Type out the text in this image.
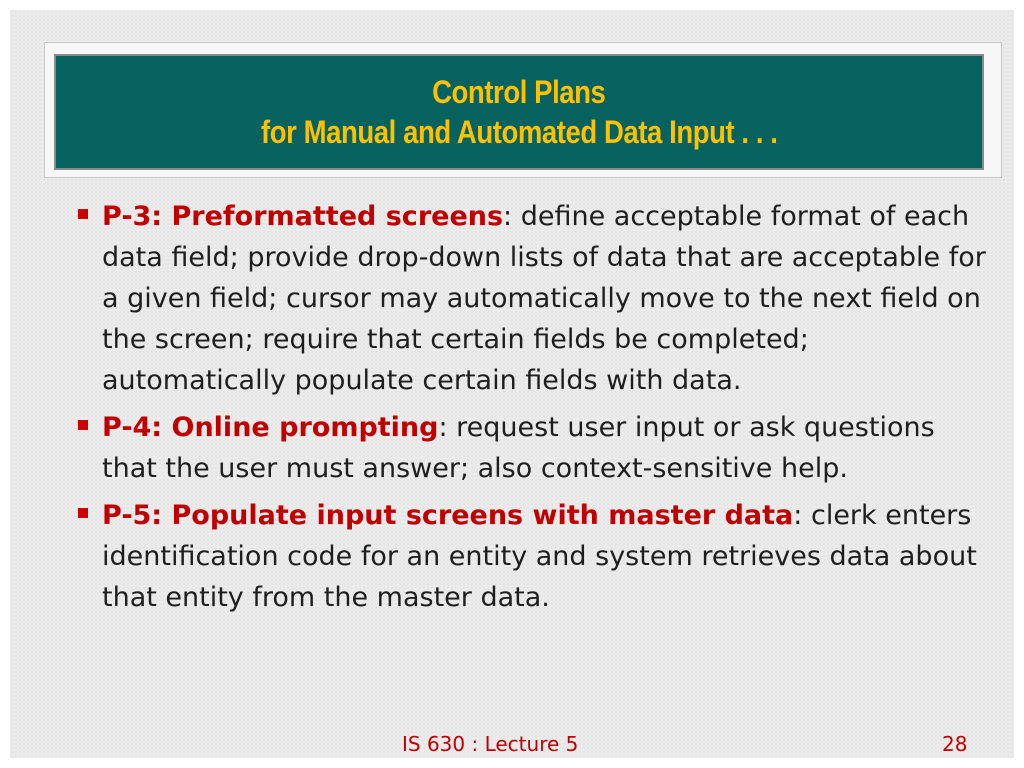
Control Plans
for Manual and Automated Data Input . . .
P-3: Preformatted screens: define acceptable format of each data field; provide drop-down lists of data that are acceptable for a given field; cursor may automatically move to the next field on the screen; require that certain fields be completed; automatically populate certain fields with data.
P-4: Online prompting: request user input or ask questions that the user must answer; also context-sensitive help.
P-5: Populate input screens with master data: clerk enters identification code for an entity and system retrieves data about that entity from the master data.
IS 630 : Lecture 5	28
